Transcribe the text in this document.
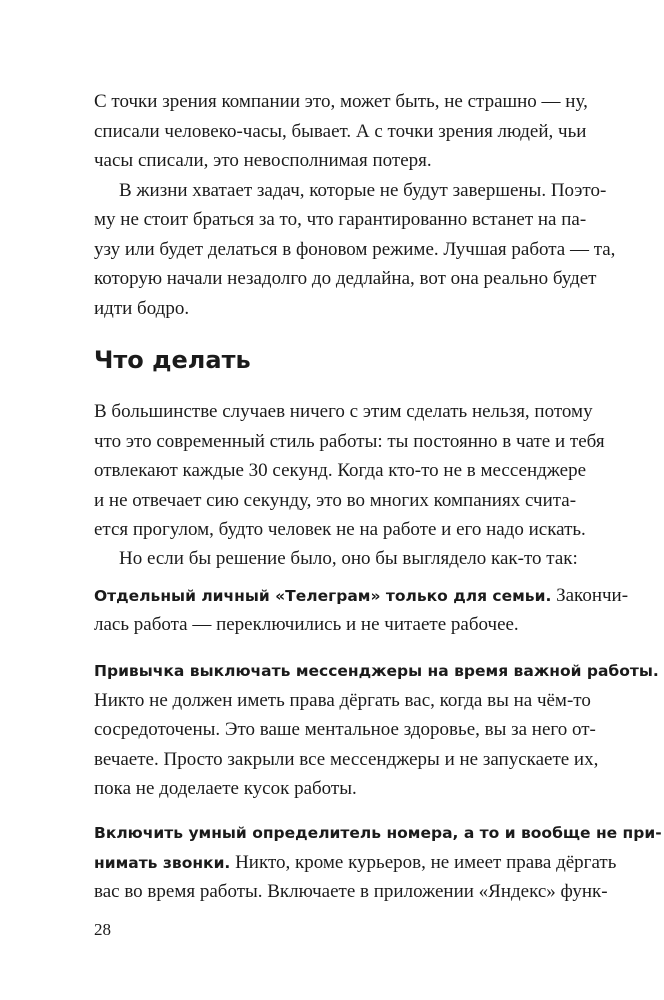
С точки зрения компании это, может быть, не страшно — ну,
списали человеко-часы, бывает. А с точки зрения людей, чьи
часы списали, это невосполнимая потеря.
В жизни хватает задач, которые не будут завершены. Поэто-
му не стоит браться за то, что гарантированно встанет на па-
узу или будет делаться в фоновом режиме. Лучшая работа — та,
которую начали незадолго до дедлайна, вот она реально будет
идти бодро.
Что делать
В большинстве случаев ничего с этим сделать нельзя, потому
что это современный стиль работы: ты постоянно в чате и тебя
отвлекают каждые 30 секунд. Когда кто-то не в мессенджере
и не отвечает сию секунду, это во многих компаниях счита-
ется прогулом, будто человек не на работе и его надо искать.
Но если бы решение было, оно бы выглядело как-то так:
Отдельный личный «Телеграм» только для семьи. Закончи-
лась работа — переключились и не читаете рабочее.
Привычка выключать мессенджеры на время важной работы.
Никто не должен иметь права дёргать вас, когда вы на чём-то
сосредоточены. Это ваше ментальное здоровье, вы за него от-
вечаете. Просто закрыли все мессенджеры и не запускаете их,
пока не доделаете кусок работы.
Включить умный определитель номера, а то и вообще не при-
нимать звонки. Никто, кроме курьеров, не имеет права дёргать
вас во время работы. Включаете в приложении «Яндекс» функ-
28
